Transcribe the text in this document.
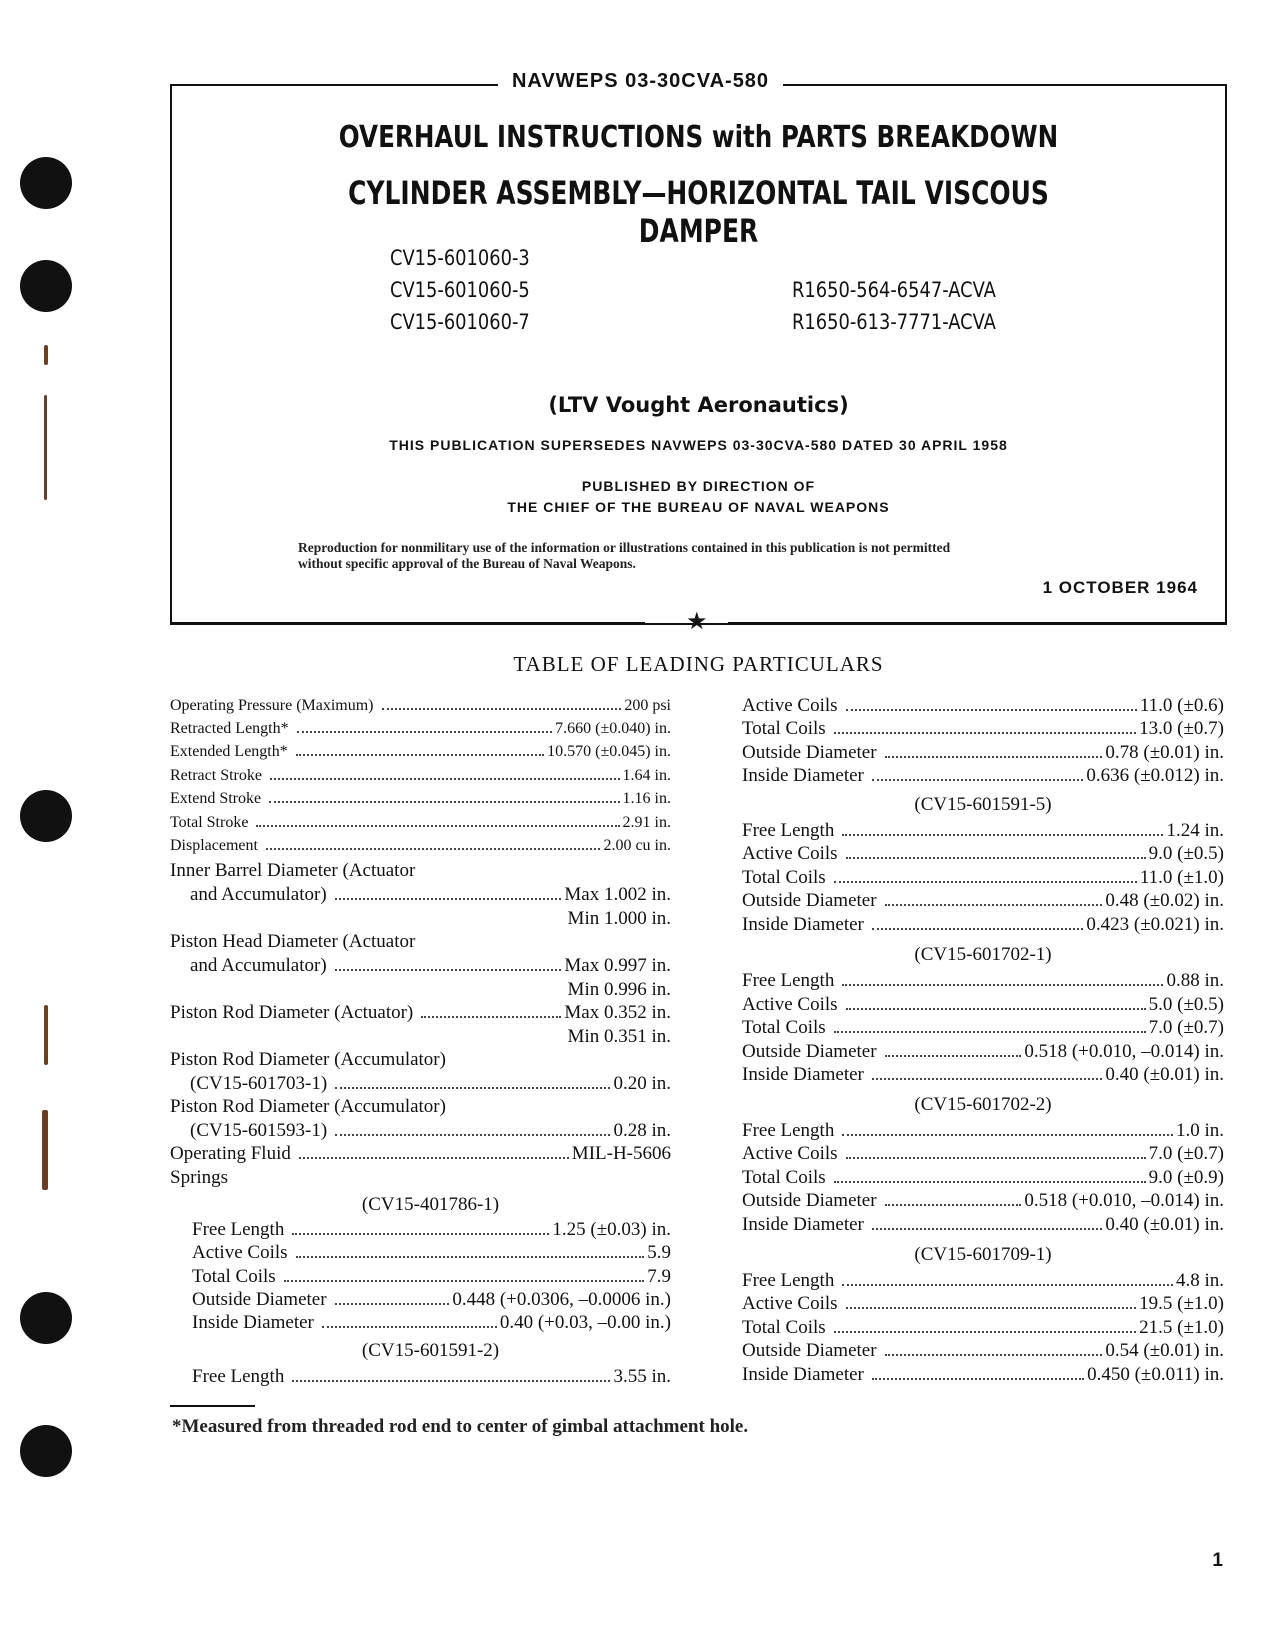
NAVWEPS 03-30CVA-580
OVERHAUL INSTRUCTIONS with PARTS BREAKDOWN
CYLINDER ASSEMBLY—HORIZONTAL TAIL VISCOUS DAMPER
CV15-601060-3
CV15-601060-5
CV15-601060-7
R1650-564-6547-ACVA
R1650-613-7771-ACVA
(LTV Vought Aeronautics)
THIS PUBLICATION SUPERSEDES NAVWEPS 03-30CVA-580 DATED 30 APRIL 1958
PUBLISHED BY DIRECTION OF
THE CHIEF OF THE BUREAU OF NAVAL WEAPONS
Reproduction for nonmilitary use of the information or illustrations contained in this publication is not permitted
without specific approval of the Bureau of Naval Weapons.
1 OCTOBER 1964
★
TABLE OF LEADING PARTICULARS
Operating Pressure (Maximum)	200 psi
Retracted Length*	7.660 (±0.040) in.
Extended Length*	10.570 (±0.045) in.
Retract Stroke	1.64 in.
Extend Stroke	1.16 in.
Total Stroke	2.91 in.
Displacement	2.00 cu in.
Inner Barrel Diameter (Actuator
and Accumulator)	Max 1.002 in.
Min 1.000 in.
Piston Head Diameter (Actuator
and Accumulator)	Max 0.997 in.
Min 0.996 in.
Piston Rod Diameter (Actuator)	Max 0.352 in.
Min 0.351 in.
Piston Rod Diameter (Accumulator)
(CV15-601703-1)	0.20 in.
Piston Rod Diameter (Accumulator)
(CV15-601593-1)	0.28 in.
Operating Fluid	MIL-H-5606
Springs
(CV15-401786-1)
Free Length	1.25 (±0.03) in.
Active Coils	5.9
Total Coils	7.9
Outside Diameter	0.448 (+0.0306, –0.0006 in.)
Inside Diameter	0.40 (+0.03, –0.00 in.)
(CV15-601591-2)
Free Length	3.55 in.
Active Coils	11.0 (±0.6)
Total Coils	13.0 (±0.7)
Outside Diameter	0.78 (±0.01) in.
Inside Diameter	0.636 (±0.012) in.
(CV15-601591-5)
Free Length	1.24 in.
Active Coils	9.0 (±0.5)
Total Coils	11.0 (±1.0)
Outside Diameter	0.48 (±0.02) in.
Inside Diameter	0.423 (±0.021) in.
(CV15-601702-1)
Free Length	0.88 in.
Active Coils	5.0 (±0.5)
Total Coils	7.0 (±0.7)
Outside Diameter	0.518 (+0.010, –0.014) in.
Inside Diameter	0.40 (±0.01) in.
(CV15-601702-2)
Free Length	1.0 in.
Active Coils	7.0 (±0.7)
Total Coils	9.0 (±0.9)
Outside Diameter	0.518 (+0.010, –0.014) in.
Inside Diameter	0.40 (±0.01) in.
(CV15-601709-1)
Free Length	4.8 in.
Active Coils	19.5 (±1.0)
Total Coils	21.5 (±1.0)
Outside Diameter	0.54 (±0.01) in.
Inside Diameter	0.450 (±0.011) in.
*Measured from threaded rod end to center of gimbal attachment hole.
1
